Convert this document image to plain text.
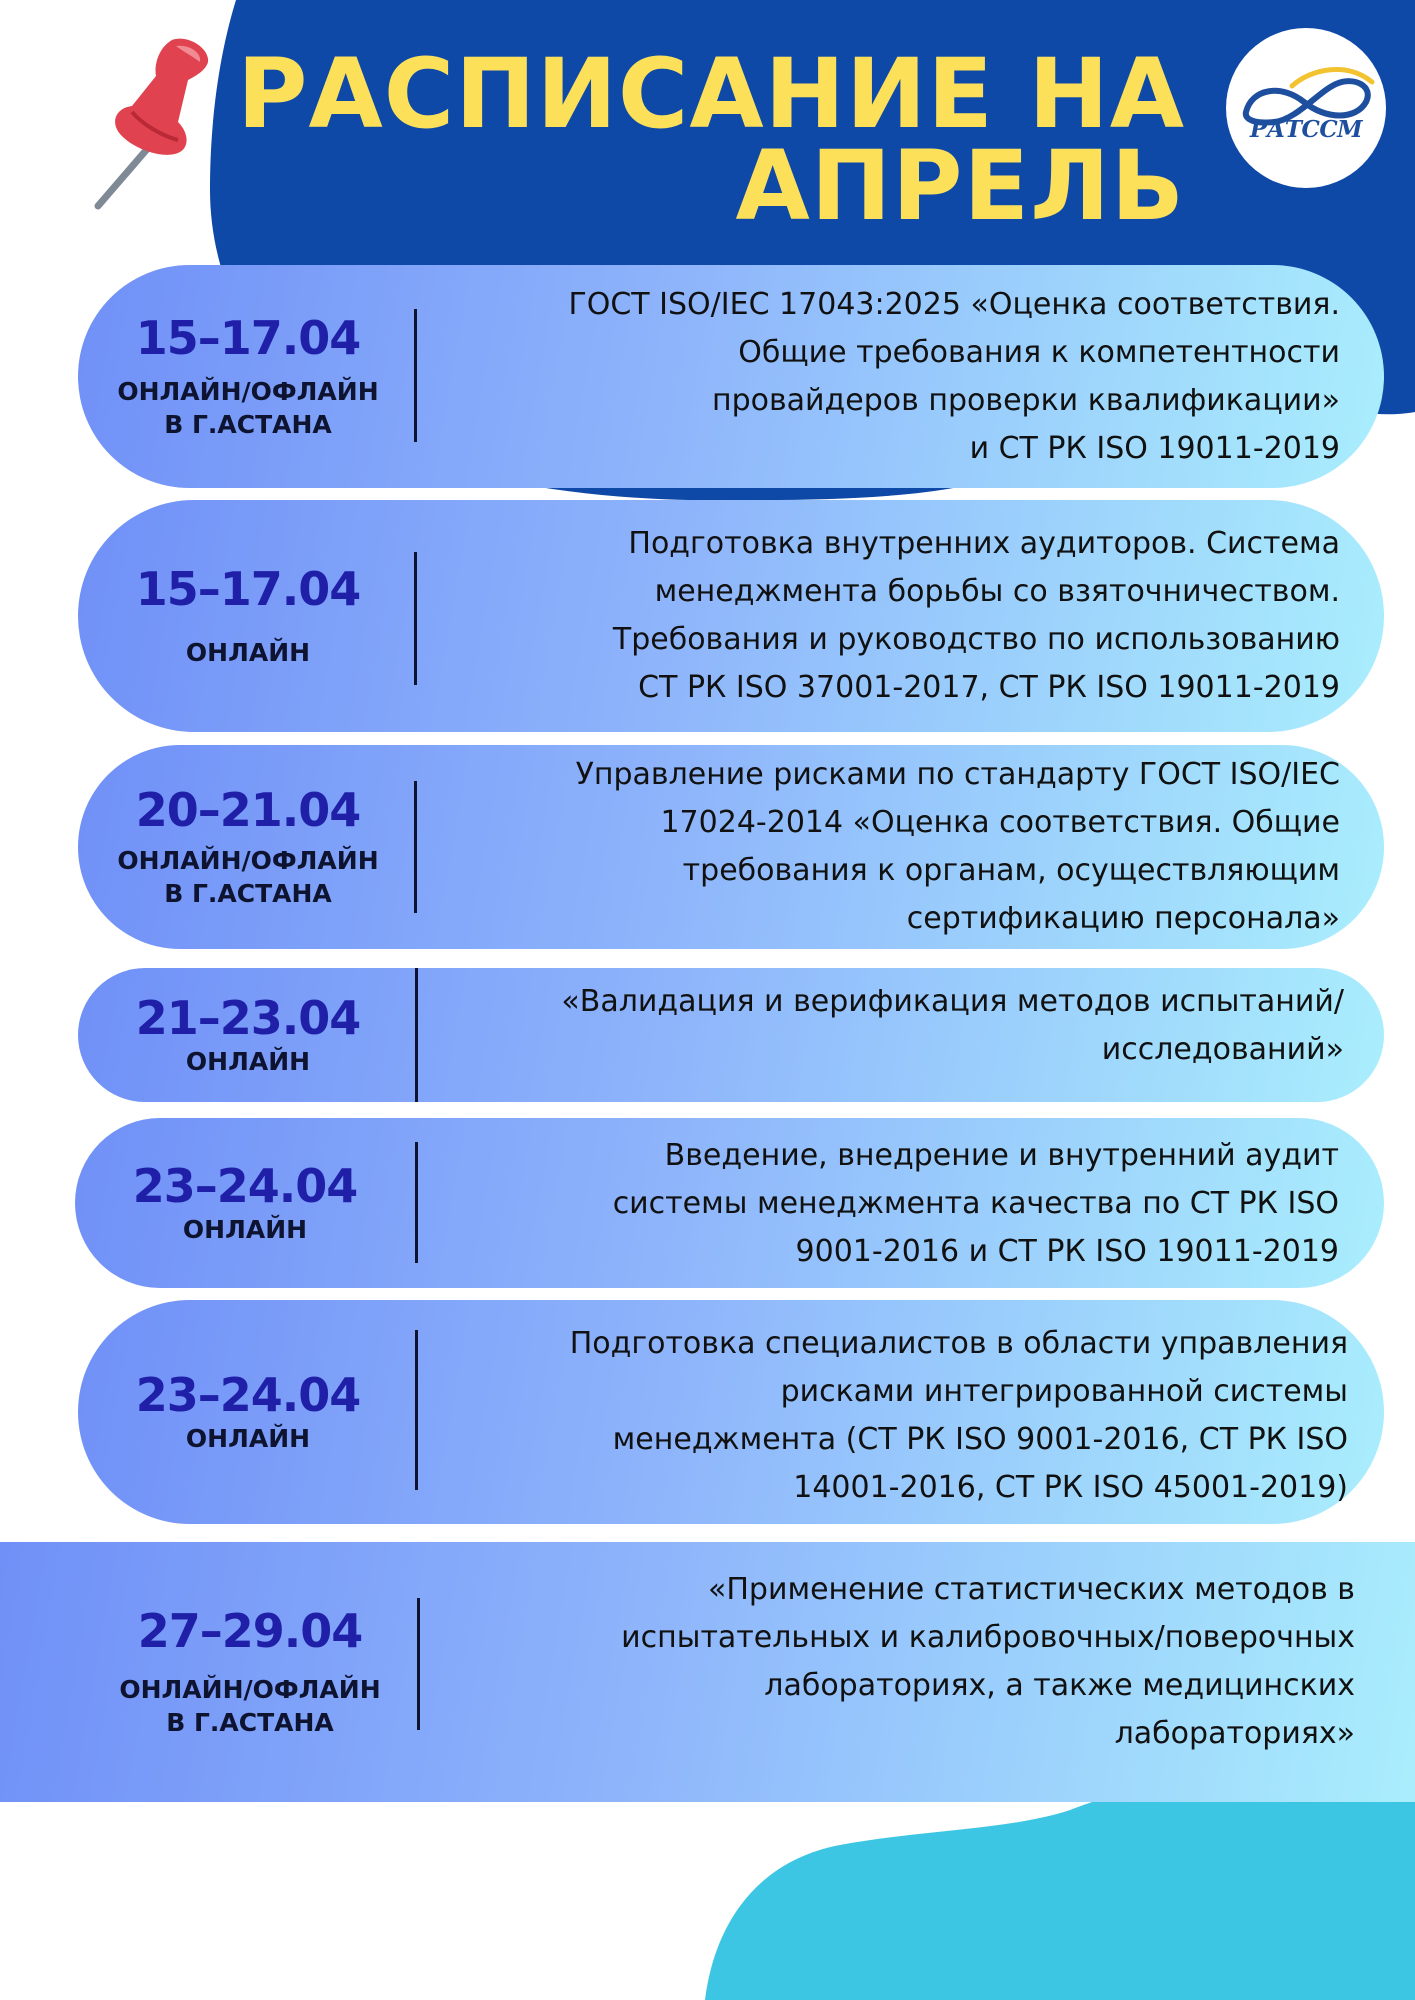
РАСПИСАНИЕ НА
АПРЕЛЬ
РАТССМ
15–17.04
ОНЛАЙН/ОФЛАЙН
В Г.АСТАНА

ГОСТ ISO/IEC 17043:2025 «Оценка соответствия.
Общие требования к компетентности
провайдеров проверки квалификации»
и СТ РК ISO 19011-2019

15–17.04
ОНЛАЙН

Подготовка внутренних аудиторов. Система
менеджмента борьбы со взяточничеством.
Требования и руководство по использованию
СТ РК ISO 37001-2017, СТ РК ISO 19011-2019

20–21.04
ОНЛАЙН/ОФЛАЙН
В Г.АСТАНА

Управление рисками по стандарту ГОСТ ISO/IEC
17024-2014 «Оценка соответствия. Общие
требования к органам, осуществляющим
сертификацию персонала»

21–23.04
ОНЛАЙН

«Валидация и верификация методов испытаний/
исследований»

23–24.04
ОНЛАЙН

Введение, внедрение и внутренний аудит
системы менеджмента качества по СТ РК ISO
9001-2016 и СТ РК ISO 19011-2019

23–24.04
ОНЛАЙН

Подготовка специалистов в области управления
рисками интегрированной системы
менеджмента (СТ РК ISO 9001-2016, СТ РК ISO
14001-2016, СТ РК ISO 45001-2019)

27–29.04
ОНЛАЙН/ОФЛАЙН
В Г.АСТАНА

«Применение статистических методов в
испытательных и калибровочных/поверочных
лабораториях, а также медицинских
лабораториях»
